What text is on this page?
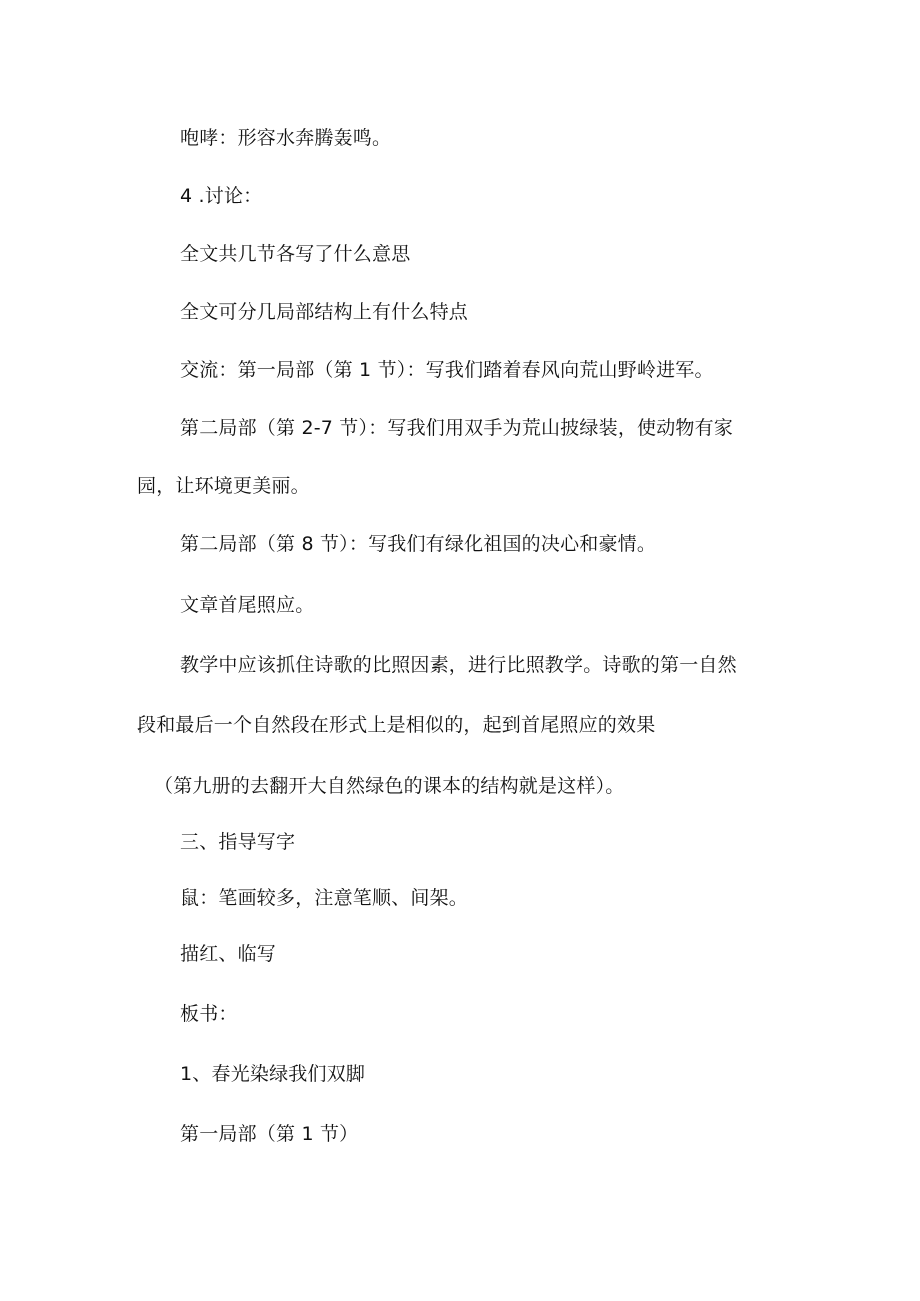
咆哮：形容水奔腾轰鸣。
4 .讨论：
全文共几节各写了什么意思
全文可分几局部结构上有什么特点
交流：第一局部（第 1 节）：写我们踏着春风向荒山野岭进军。
第二局部（第 2-7 节）：写我们用双手为荒山披绿装，使动物有家
园，让环境更美丽。
第二局部（第 8 节）：写我们有绿化祖国的决心和豪情。
文章首尾照应。
教学中应该抓住诗歌的比照因素，进行比照教学。诗歌的第一自然
段和最后一个自然段在形式上是相似的，起到首尾照应的效果
（第九册的去翻开大自然绿色的课本的结构就是这样）。
三、指导写字
鼠：笔画较多，注意笔顺、间架。
描红、临写
板书：
1、春光染绿我们双脚
第一局部（第 1 节）
